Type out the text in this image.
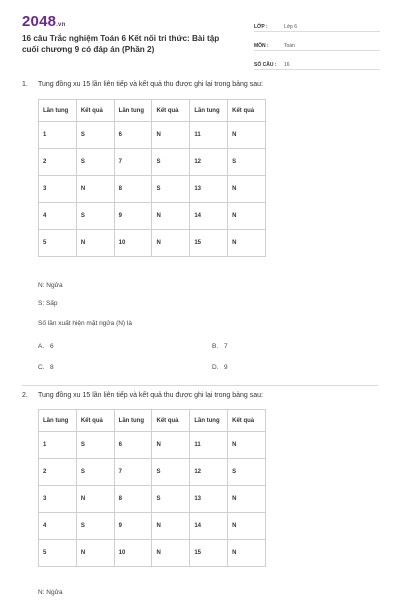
2048.vn
16 câu Trắc nghiệm Toán 6 Kết nối tri thức: Bài tập cuối chương 9 có đáp án (Phần 2)
LỚP :	Lớp 6
MÔN :	Toán
SỐ CÂU :	16
1. Tung đồng xu 15 lần liên tiếp và kết quả thu được ghi lại trong bảng sau:
Lần tung	Kết quả	Lần tung	Kết quả	Lần tung	Kết quả
1	S	6	N	11	N
2	S	7	S	12	S
3	N	8	S	13	N
4	S	9	N	14	N
5	N	10	N	15	N
N: Ngửa
S: Sấp
Số lần xuất hiện mặt ngửa (N) là
A. 6	B. 7
C. 8	D. 9
2. Tung đồng xu 15 lần liên tiếp và kết quả thu được ghi lại trong bảng sau:
Lần tung	Kết quả	Lần tung	Kết quả	Lần tung	Kết quả
1	S	6	N	11	N
2	S	7	S	12	S
3	N	8	S	13	N
4	S	9	N	14	N
5	N	10	N	15	N
N: Ngửa
